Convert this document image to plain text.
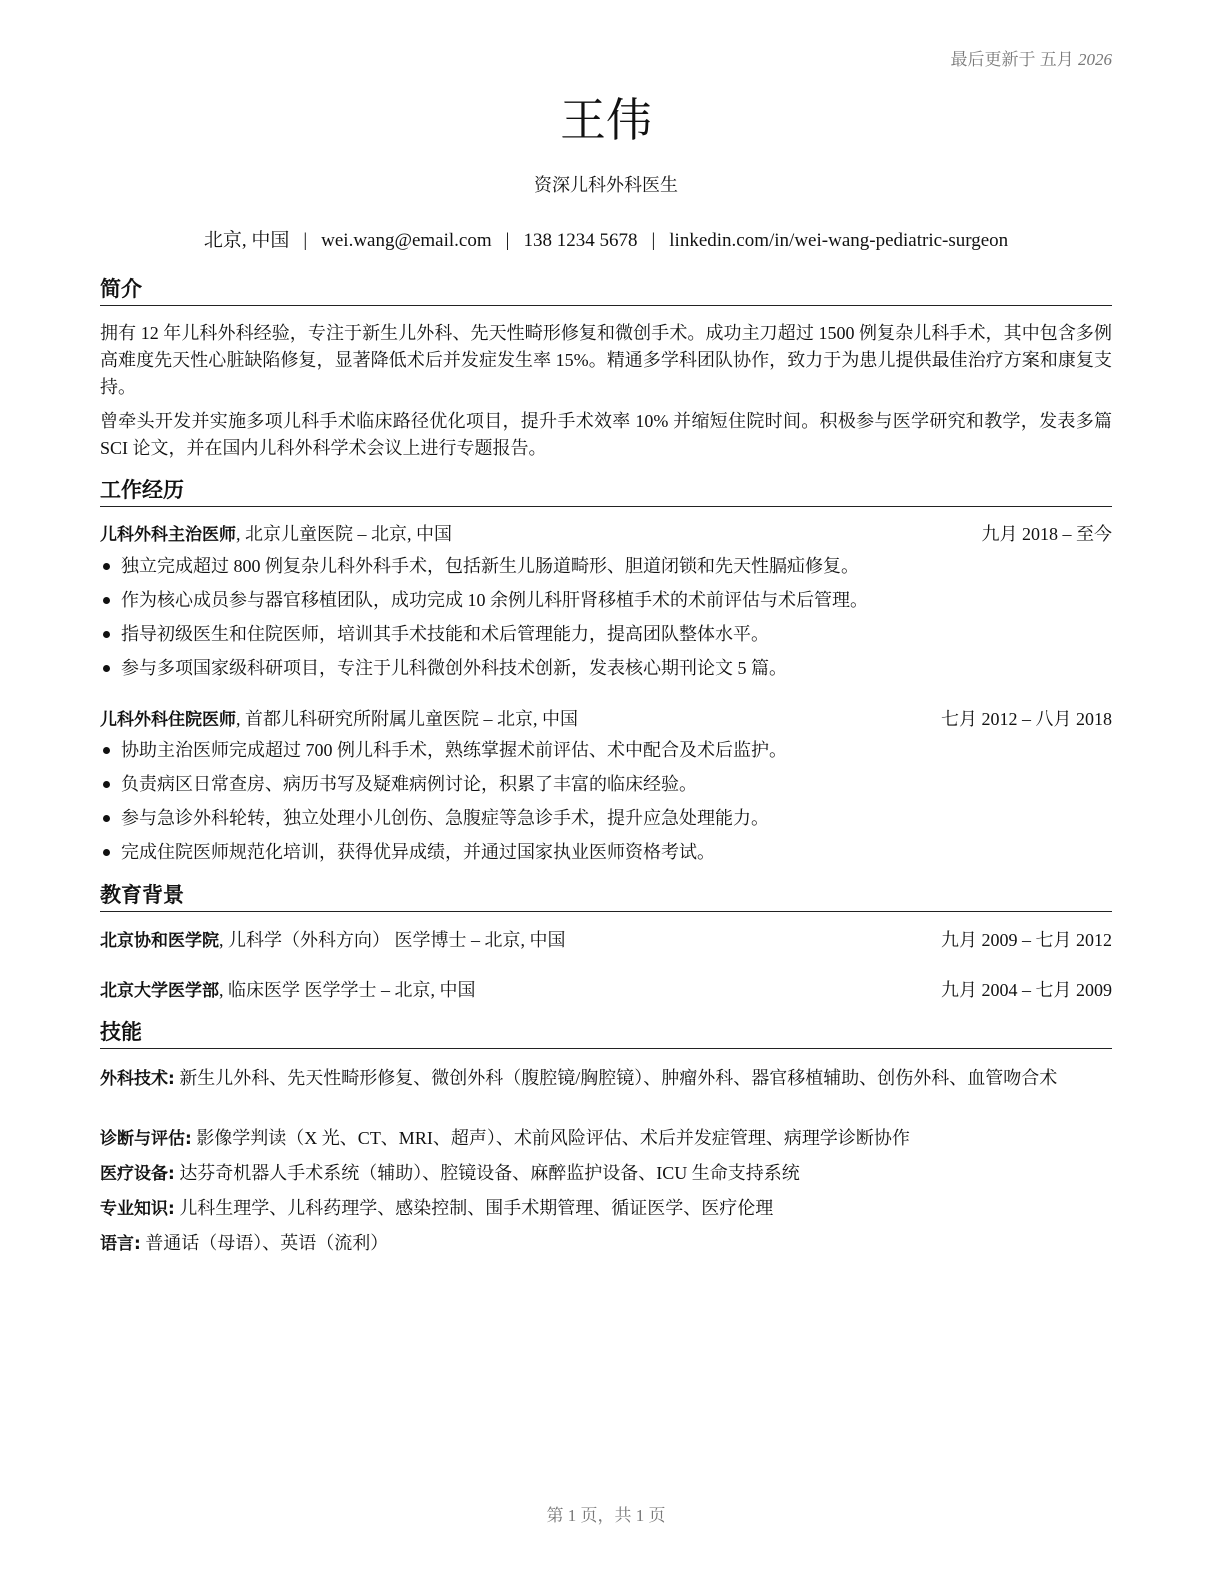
最后更新于 五月 2026
王伟
资深儿科外科医生
北京, 中国 | wei.wang@email.com | 138 1234 5678 | linkedin.com/in/wei-wang-pediatric-surgeon
简介

拥有 12 年儿科外科经验，专注于新生儿外科、先天性畸形修复和微创手术。成功主刀超过 1500 例复杂儿科手术，其中包含多例高难度先天性心脏缺陷修复，显著降低术后并发症发生率 15%。精通多学科团队协作，致力于为患儿提供最佳治疗方案和康复支持。

曾牵头开发并实施多项儿科手术临床路径优化项目，提升手术效率 10% 并缩短住院时间。积极参与医学研究和教学，发表多篇 SCI 论文，并在国内儿科外科学术会议上进行专题报告。

工作经历
儿科外科主治医师, 北京儿童医院 – 北京, 中国	九月 2018 – 至今
独立完成超过 800 例复杂儿科外科手术，包括新生儿肠道畸形、胆道闭锁和先天性膈疝修复。
作为核心成员参与器官移植团队，成功完成 10 余例儿科肝肾移植手术的术前评估与术后管理。
指导初级医生和住院医师，培训其手术技能和术后管理能力，提高团队整体水平。
参与多项国家级科研项目，专注于儿科微创外科技术创新，发表核心期刊论文 5 篇。
儿科外科住院医师, 首都儿科研究所附属儿童医院 – 北京, 中国	七月 2012 – 八月 2018
协助主治医师完成超过 700 例儿科手术，熟练掌握术前评估、术中配合及术后监护。
负责病区日常查房、病历书写及疑难病例讨论，积累了丰富的临床经验。
参与急诊外科轮转，独立处理小儿创伤、急腹症等急诊手术，提升应急处理能力。
完成住院医师规范化培训，获得优异成绩，并通过国家执业医师资格考试。
教育背景
北京协和医学院, 儿科学（外科方向） 医学博士 – 北京, 中国	九月 2009 – 七月 2012
北京大学医学部, 临床医学 医学学士 – 北京, 中国	九月 2004 – 七月 2009
技能
外科技术: 新生儿外科、先天性畸形修复、微创外科（腹腔镜/胸腔镜）、肿瘤外科、器官移植辅助、创伤外科、血管吻合术
诊断与评估: 影像学判读（X 光、CT、MRI、超声）、术前风险评估、术后并发症管理、病理学诊断协作
医疗设备: 达芬奇机器人手术系统（辅助）、腔镜设备、麻醉监护设备、ICU 生命支持系统
专业知识: 儿科生理学、儿科药理学、感染控制、围手术期管理、循证医学、医疗伦理
语言: 普通话（母语）、英语（流利）
第 1 页，共 1 页
